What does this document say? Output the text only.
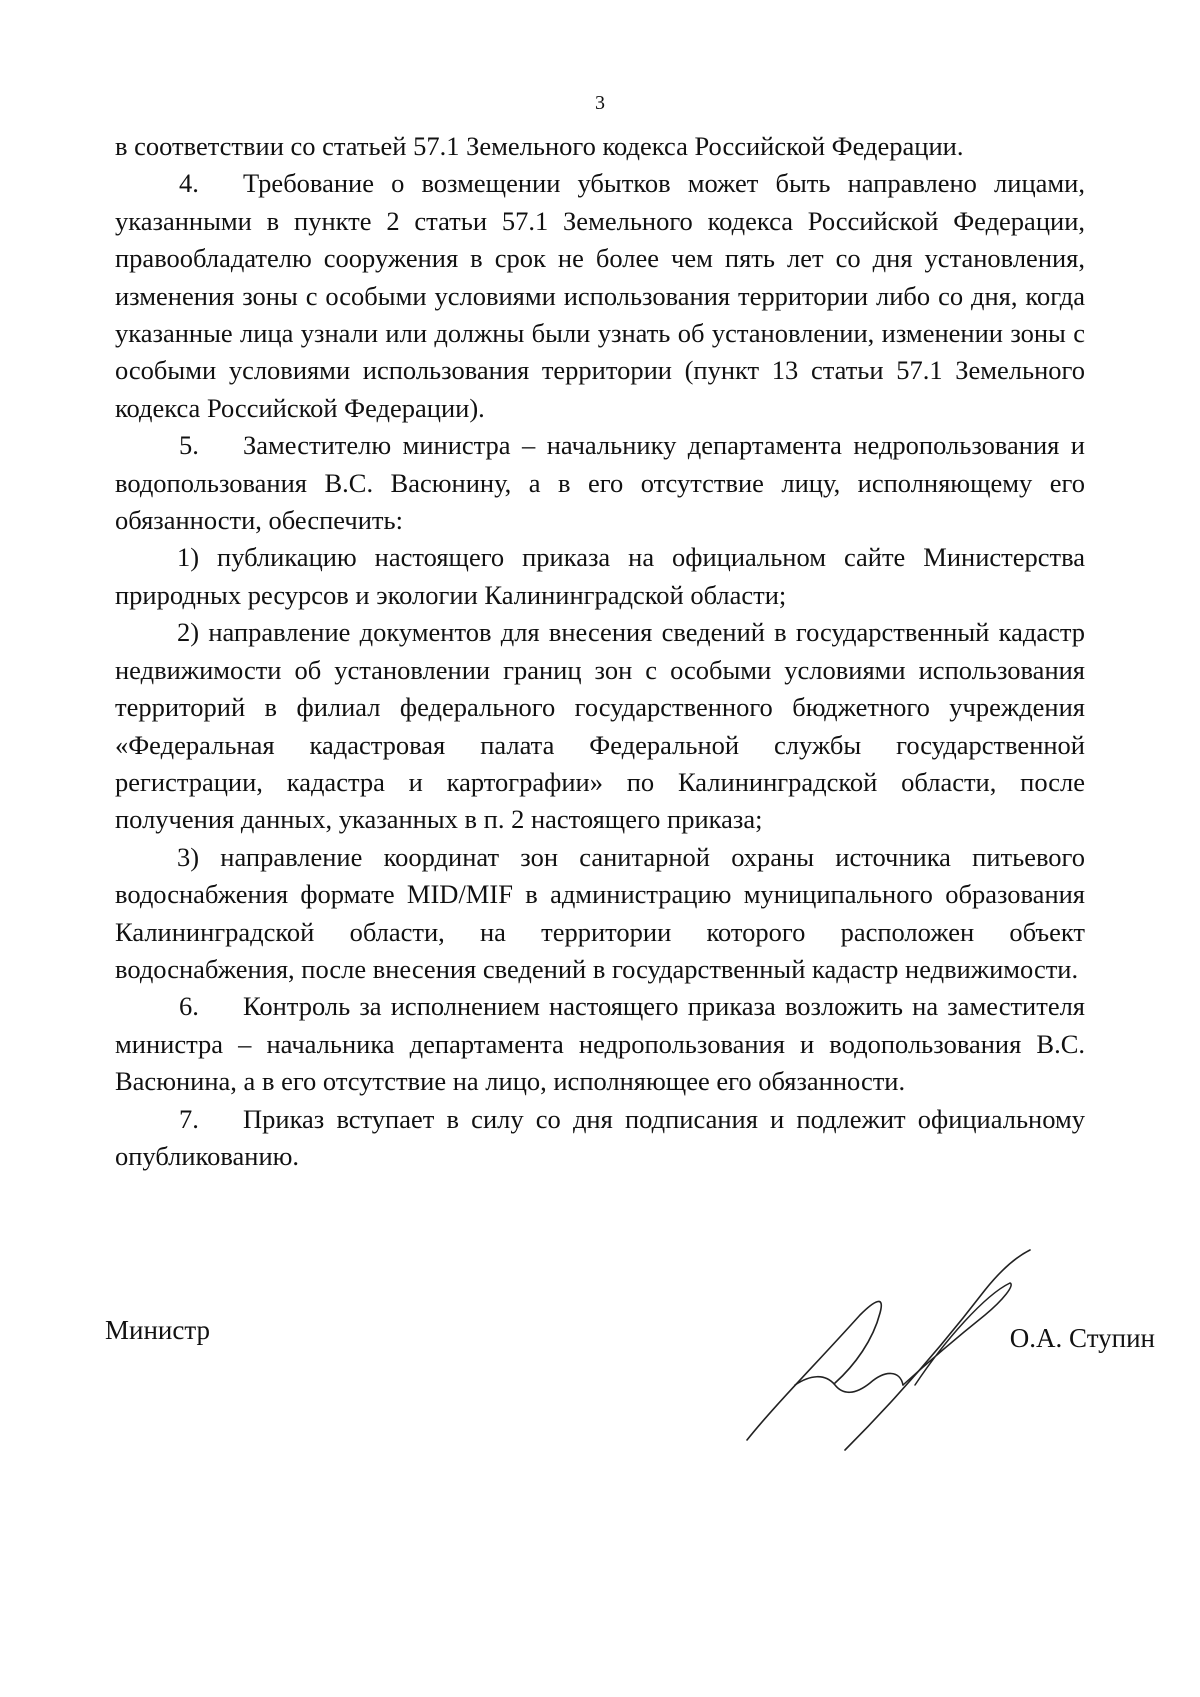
3

в соответствии со статьей 57.1 Земельного кодекса Российской Федерации.

4. Требование о возмещении убытков может быть направлено лицами, указанными в пункте 2 статьи 57.1 Земельного кодекса Российской Федерации, правообладателю сооружения в срок не более чем пять лет со дня установления, изменения зоны с особыми условиями использования территории либо со дня, когда указанные лица узнали или должны были узнать об установлении, изменении зоны с особыми условиями использования территории (пункт 13 статьи 57.1 Земельного кодекса Российской Федерации).

5. Заместителю министра – начальнику департамента недропользования и водопользования В.С. Васюнину, а в его отсутствие лицу, исполняющему его обязанности, обеспечить:

1) публикацию настоящего приказа на официальном сайте Министерства природных ресурсов и экологии Калининградской области;

2) направление документов для внесения сведений в государственный кадастр недвижимости об установлении границ зон с особыми условиями использования территорий в филиал федерального государственного бюджетного учреждения «Федеральная кадастровая палата Федеральной службы государственной регистрации, кадастра и картографии» по Калининградской области, после получения данных, указанных в п. 2 настоящего приказа;

3) направление координат зон санитарной охраны источника питьевого водоснабжения формате MID/MIF в администрацию муниципального образования Калининградской области, на территории которого расположен объект водоснабжения, после внесения сведений в государственный кадастр недвижимости.

6. Контроль за исполнением настоящего приказа возложить на заместителя министра – начальника департамента недропользования и водопользования В.С. Васюнина, а в его отсутствие на лицо, исполняющее его обязанности.

7. Приказ вступает в силу со дня подписания и подлежит официальному опубликованию.

Министр	О.А. Ступин
